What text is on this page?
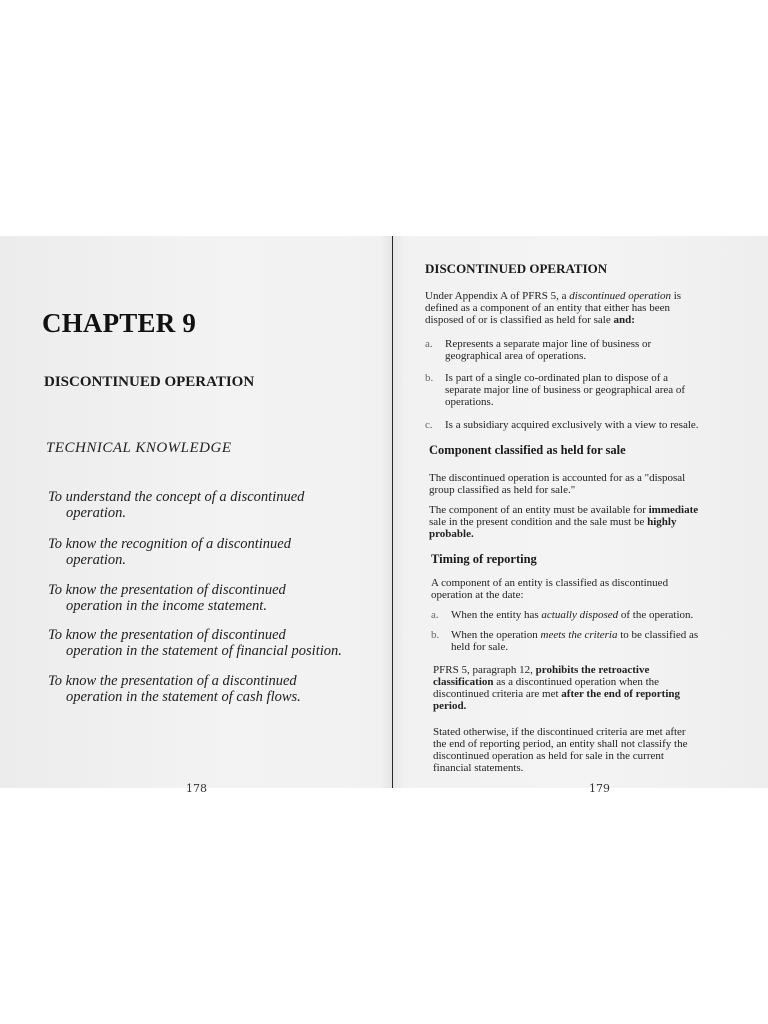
CHAPTER 9
DISCONTINUED OPERATION
TECHNICAL KNOWLEDGE
To understand the concept of a discontinued
operation.
To know the recognition of a discontinued
operation.
To know the presentation of discontinued
operation in the income statement.
To know the presentation of discontinued
operation in the statement of financial position.
To know the presentation of a discontinued
operation in the statement of cash flows.
178
DISCONTINUED OPERATION
Under Appendix A of PFRS 5, a discontinued operation is
defined as a component of an entity that either has been
disposed of or is classified as held for sale and:
a.	Represents a separate major line of business or
geographical area of operations.
b.	Is part of a single co-ordinated plan to dispose of a
separate major line of business or geographical area of
operations.
c.	Is a subsidiary acquired exclusively with a view to resale.
Component classified as held for sale
The discontinued operation is accounted for as a "disposal
group classified as held for sale."
The component of an entity must be available for immediate
sale in the present condition and the sale must be highly
probable.
Timing of reporting
A component of an entity is classified as discontinued
operation at the date:
a.	When the entity has actually disposed of the operation.
b.	When the operation meets the criteria to be classified as
held for sale.
PFRS 5, paragraph 12, prohibits the retroactive
classification as a discontinued operation when the
discontinued criteria are met after the end of reporting
period.
Stated otherwise, if the discontinued criteria are met after
the end of reporting period, an entity shall not classify the
discontinued operation as held for sale in the current
financial statements.
179
